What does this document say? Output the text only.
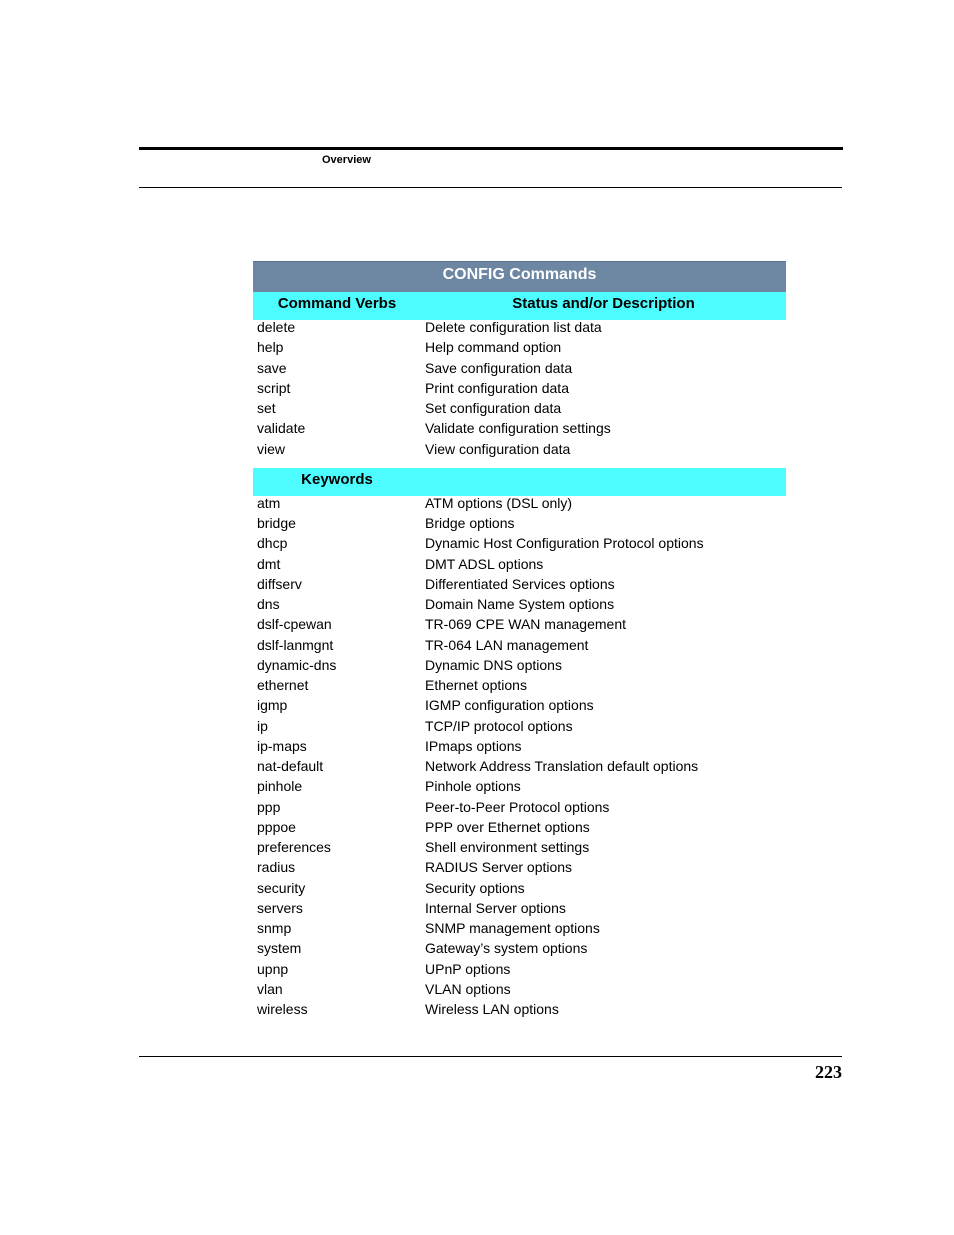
Overview
CONFIG Commands
Command Verbs	Status and/or Description
delete	Delete configuration list data
help	Help command option
save	Save configuration data
script	Print configuration data
set	Set configuration data
validate	Validate configuration settings
view	View configuration data
Keywords
atm	ATM options (DSL only)
bridge	Bridge options
dhcp	Dynamic Host Configuration Protocol options
dmt	DMT ADSL options
diffserv	Differentiated Services options
dns	Domain Name System options
dslf-cpewan	TR-069 CPE WAN management
dslf-lanmgnt	TR-064 LAN management
dynamic-dns	Dynamic DNS options
ethernet	Ethernet options
igmp	IGMP configuration options
ip	TCP/IP protocol options
ip-maps	IPmaps options
nat-default	Network Address Translation default options
pinhole	Pinhole options
ppp	Peer-to-Peer Protocol options
pppoe	PPP over Ethernet options
preferences	Shell environment settings
radius	RADIUS Server options
security	Security options
servers	Internal Server options
snmp	SNMP management options
system	Gateway’s system options
upnp	UPnP options
vlan	VLAN options
wireless	Wireless LAN options
223
